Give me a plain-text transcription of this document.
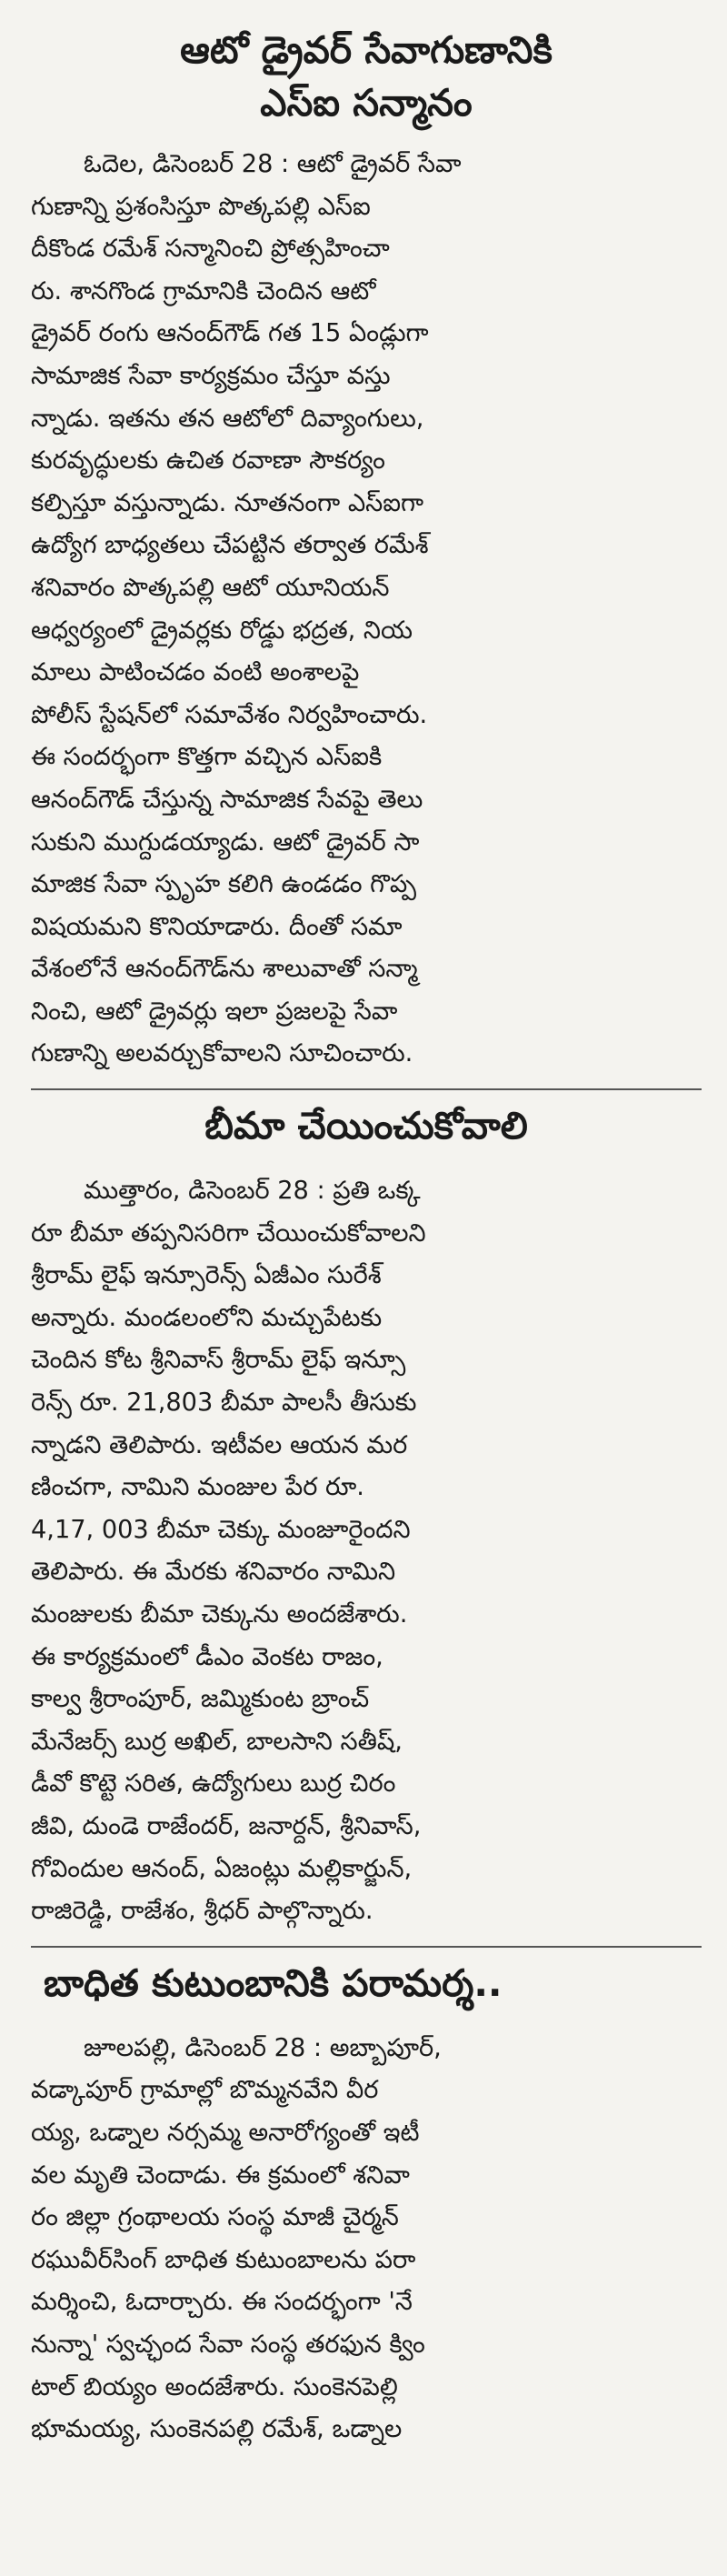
ఆటో డ్రైవర్ సేవాగుణానికి
ఎస్ఐ సన్మానం
ఓదెల, డిసెంబర్ 28 : ఆటో డ్రైవర్ సేవా
గుణాన్ని ప్రశంసిస్తూ పొత్కపల్లి ఎస్ఐ
దీకొండ రమేశ్ సన్మానించి ప్రోత్సహించా
రు. శానగొండ గ్రామానికి చెందిన ఆటో
డ్రైవర్ రంగు ఆనంద్‌గౌడ్ గత 15 ఏండ్లుగా
సామాజిక సేవా కార్యక్రమం చేస్తూ వస్తు
న్నాడు. ఇతను తన ఆటోలో దివ్యాంగులు,
కురవృద్ధులకు ఉచిత రవాణా సౌకర్యం
కల్పిస్తూ వస్తున్నాడు. నూతనంగా ఎస్ఐగా
ఉద్యోగ బాధ్యతలు చేపట్టిన తర్వాత రమేశ్
శనివారం పొత్కపల్లి ఆటో యూనియన్
ఆధ్వర్యంలో డ్రైవర్లకు రోడ్డు భద్రత, నియ
మాలు పాటించడం వంటి అంశాలపై
పోలీస్ స్టేషన్‌లో సమావేశం నిర్వహించారు.
ఈ సందర్భంగా కొత్తగా వచ్చిన ఎస్ఐకి
ఆనంద్‌గౌడ్ చేస్తున్న సామాజిక సేవపై తెలు
సుకుని ముగ్దుడయ్యాడు. ఆటో డ్రైవర్ సా
మాజిక సేవా స్పృహ కలిగి ఉండడం గొప్ప
విషయమని కొనియాడారు. దీంతో సమా
వేశంలోనే ఆనంద్‌గౌడ్‌ను శాలువాతో సన్మా
నించి, ఆటో డ్రైవర్లు ఇలా ప్రజలపై సేవా
గుణాన్ని అలవర్చుకోవాలని సూచించారు.
బీమా చేయించుకోవాలి
ముత్తారం, డిసెంబర్ 28 : ప్రతి ఒక్క
రూ బీమా తప్పనిసరిగా చేయించుకోవాలని
శ్రీరామ్ లైఫ్ ఇన్సూరెన్స్ ఏజీఎం సురేశ్
అన్నారు. మండలంలోని మచ్చుపేటకు
చెందిన కోట శ్రీనివాస్ శ్రీరామ్ లైఫ్ ఇన్సూ
రెన్స్ రూ. 21,803 బీమా పాలసీ తీసుకు
న్నాడని తెలిపారు. ఇటీవల ఆయన మర
ణించగా, నామిని మంజుల పేర రూ.
4,17, 003 బీమా చెక్కు మంజూరైందని
తెలిపారు. ఈ మేరకు శనివారం నామిని
మంజులకు బీమా చెక్కును అందజేశారు.
ఈ కార్యక్రమంలో డీఎం వెంకట రాజం,
కాల్వ శ్రీరాంపూర్, జమ్మికుంట బ్రాంచ్
మేనేజర్స్ బుర్ర అఖిల్, బాలసాని సతీష్,
డీవో కొట్టె సరిత, ఉద్యోగులు బుర్ర చిరం
జీవి, దుండె రాజేందర్, జనార్దన్, శ్రీనివాస్,
గోవిందుల ఆనంద్, ఏజంట్లు మల్లికార్జున్,
రాజిరెడ్డి, రాజేశం, శ్రీధర్ పాల్గొన్నారు.
బాధిత కుటుంబానికి పరామర్శ..
జూలపల్లి, డిసెంబర్ 28 : అబ్బాపూర్,
వడ్కాపూర్ గ్రామాల్లో బొమ్మనవేని వీర
య్య, ఒడ్నాల నర్సమ్మ అనారోగ్యంతో ఇటీ
వల మృతి చెందాడు. ఈ క్రమంలో శనివా
రం జిల్లా గ్రంథాలయ సంస్థ మాజీ చైర్మన్
రఘువీర్‌సింగ్ బాధిత కుటుంబాలను పరా
మర్శించి, ఓదార్చారు. ఈ సందర్భంగా 'నే
నున్నా' స్వచ్ఛంద సేవా సంస్థ తరఫున క్విం
టాల్ బియ్యం అందజేశారు. సుంకెనపెల్లి
భూమయ్య, సుంకెనపల్లి రమేశ్, ఒడ్నాల
